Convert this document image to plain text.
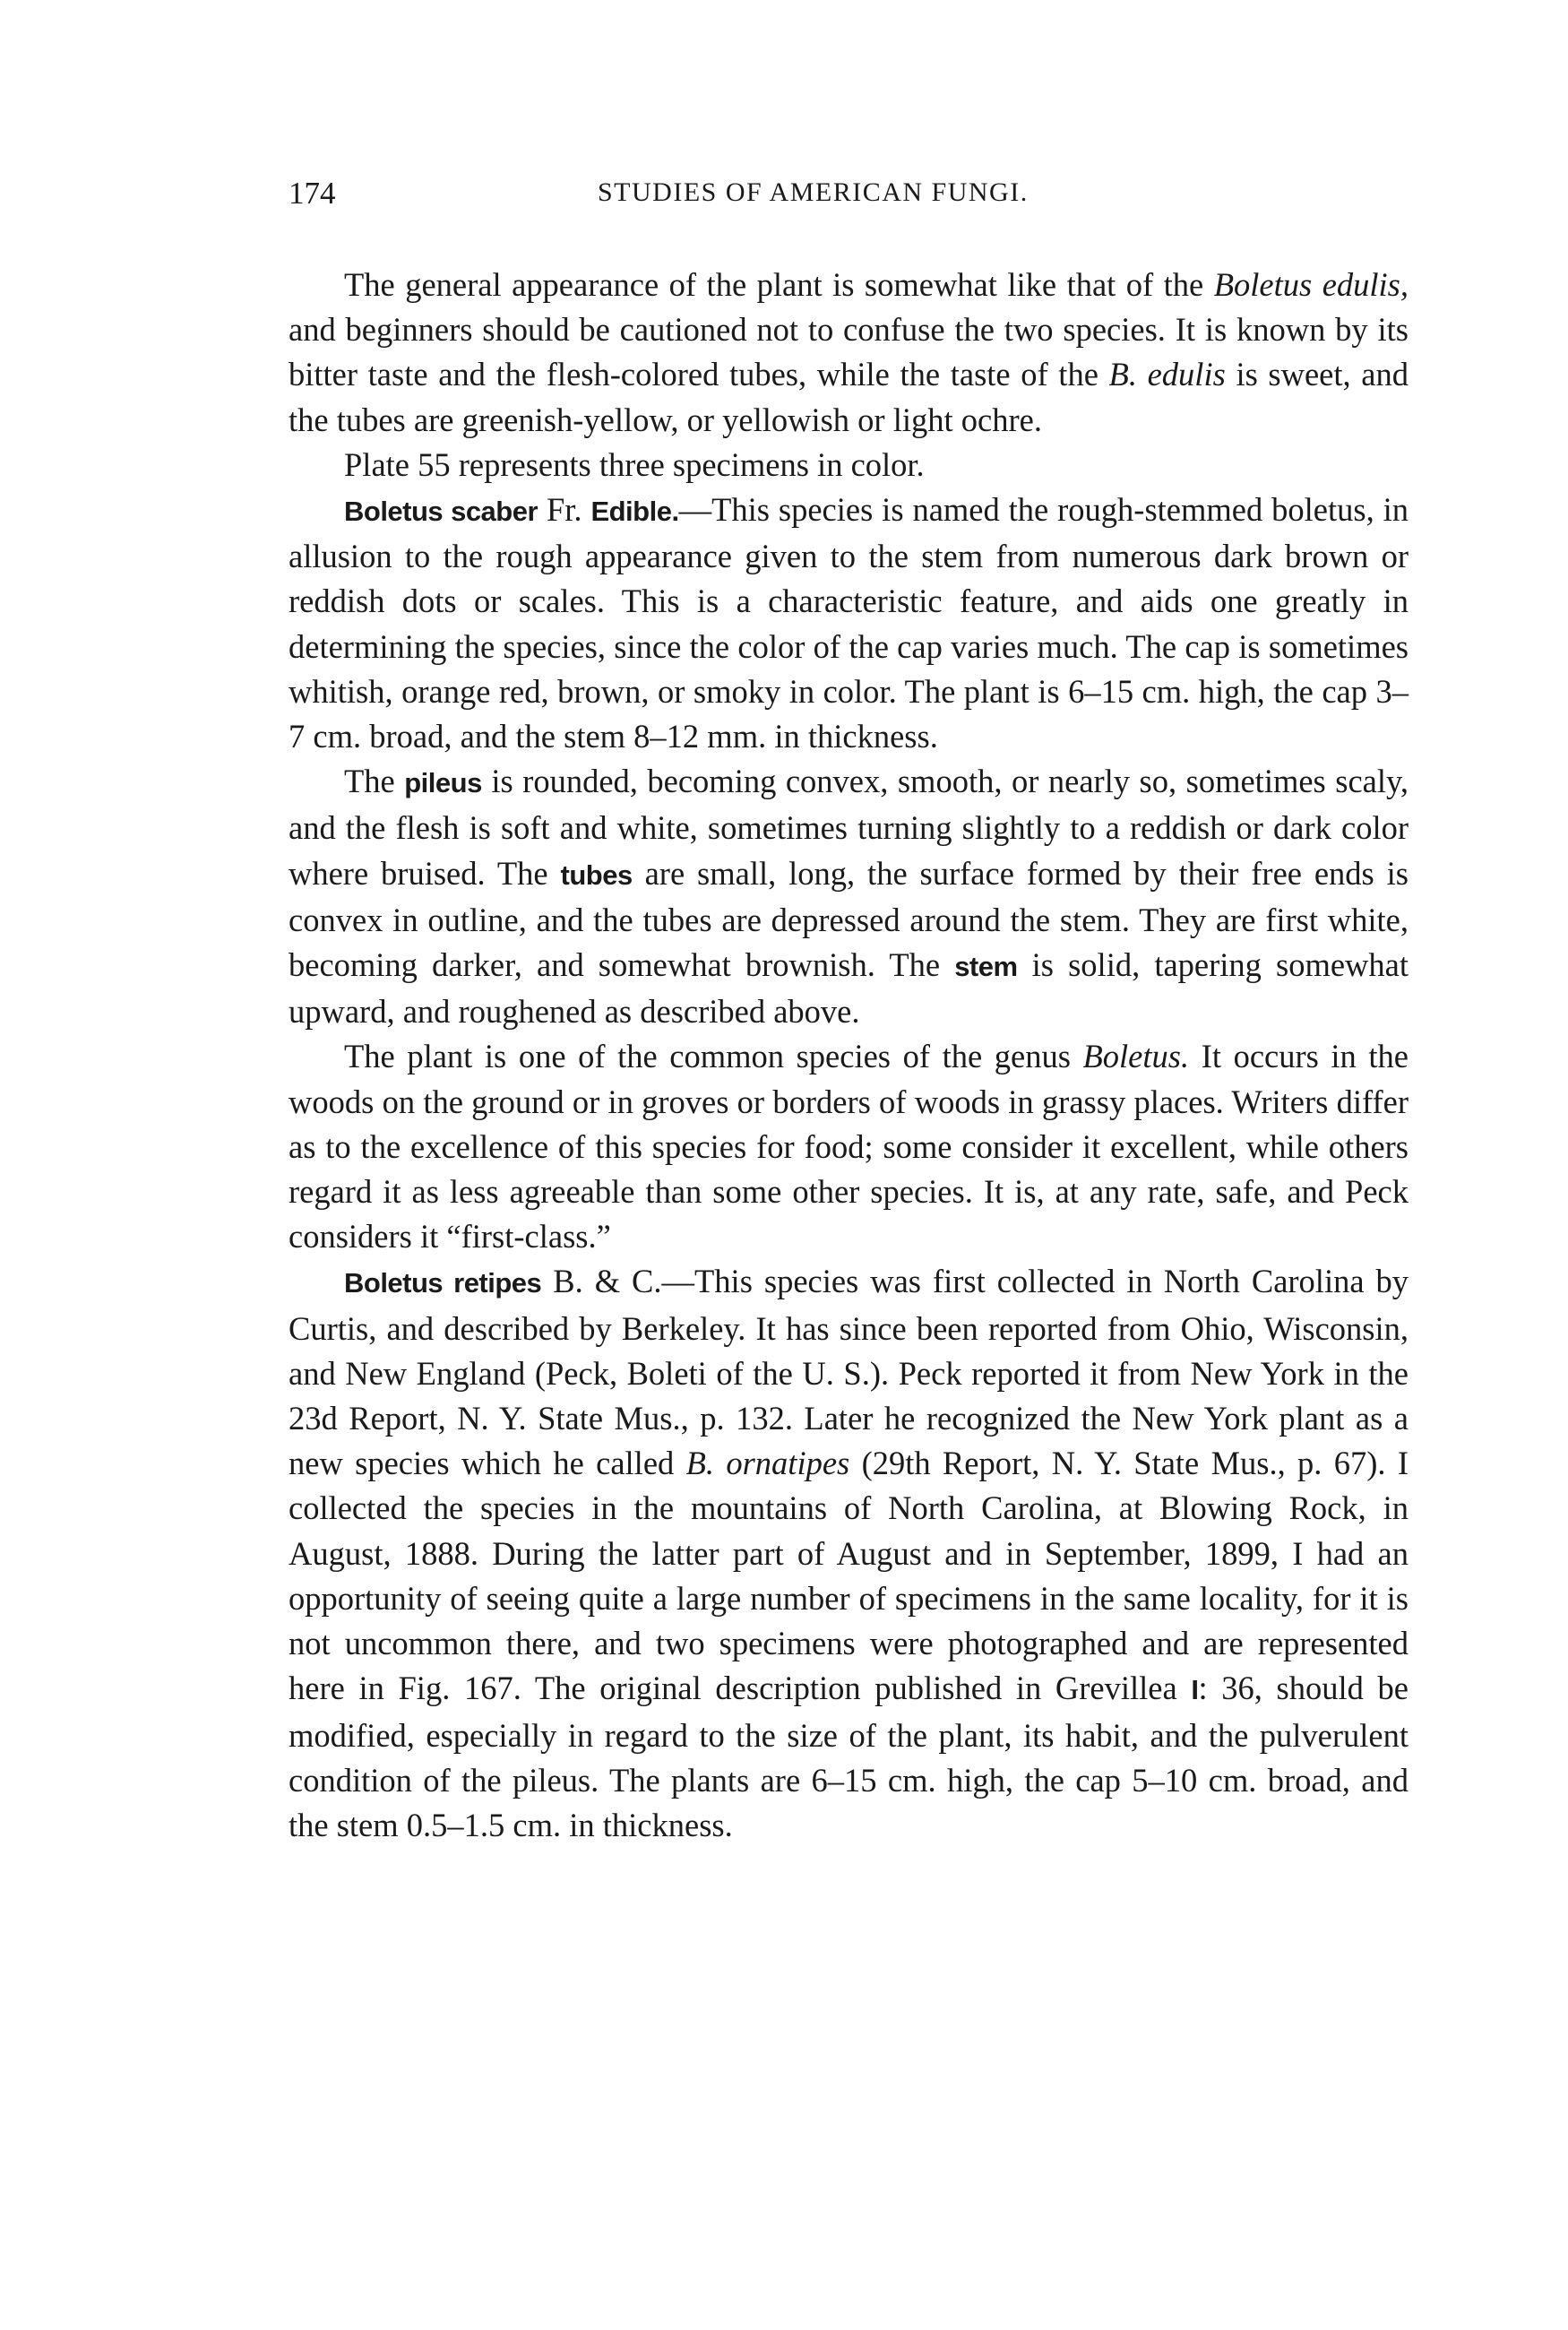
174	STUDIES OF AMERICAN FUNGI.

The general appearance of the plant is somewhat like that of the Boletus edulis, and beginners should be cautioned not to confuse the two species. It is known by its bitter taste and the flesh-colored tubes, while the taste of the B. edulis is sweet, and the tubes are greenish-yellow, or yellowish or light ochre.

Plate 55 represents three specimens in color.

Boletus scaber Fr. Edible.—This species is named the rough-stemmed boletus, in allusion to the rough appearance given to the stem from numerous dark brown or reddish dots or scales. This is a characteristic feature, and aids one greatly in determining the species, since the color of the cap varies much. The cap is sometimes whitish, orange red, brown, or smoky in color. The plant is 6–15 cm. high, the cap 3–7 cm. broad, and the stem 8–12 mm. in thickness.

The pileus is rounded, becoming convex, smooth, or nearly so, sometimes scaly, and the flesh is soft and white, sometimes turning slightly to a reddish or dark color where bruised. The tubes are small, long, the surface formed by their free ends is convex in outline, and the tubes are depressed around the stem. They are first white, becoming darker, and somewhat brownish. The stem is solid, tapering somewhat upward, and roughened as described above.

The plant is one of the common species of the genus Boletus. It occurs in the woods on the ground or in groves or borders of woods in grassy places. Writers differ as to the excellence of this species for food; some consider it excellent, while others regard it as less agreeable than some other species. It is, at any rate, safe, and Peck considers it “first-class.”

Boletus retipes B. & C.—This species was first collected in North Carolina by Curtis, and described by Berkeley. It has since been reported from Ohio, Wisconsin, and New England (Peck, Boleti of the U. S.). Peck reported it from New York in the 23d Report, N. Y. State Mus., p. 132. Later he recognized the New York plant as a new species which he called B. ornatipes (29th Report, N. Y. State Mus., p. 67). I collected the species in the mountains of North Carolina, at Blowing Rock, in August, 1888. During the latter part of August and in September, 1899, I had an opportunity of seeing quite a large number of specimens in the same locality, for it is not uncommon there, and two specimens were photographed and are represented here in Fig. 167. The original description published in Grevillea I: 36, should be modified, especially in regard to the size of the plant, its habit, and the pulverulent condition of the pileus. The plants are 6–15 cm. high, the cap 5–10 cm. broad, and the stem 0.5–1.5 cm. in thickness.
